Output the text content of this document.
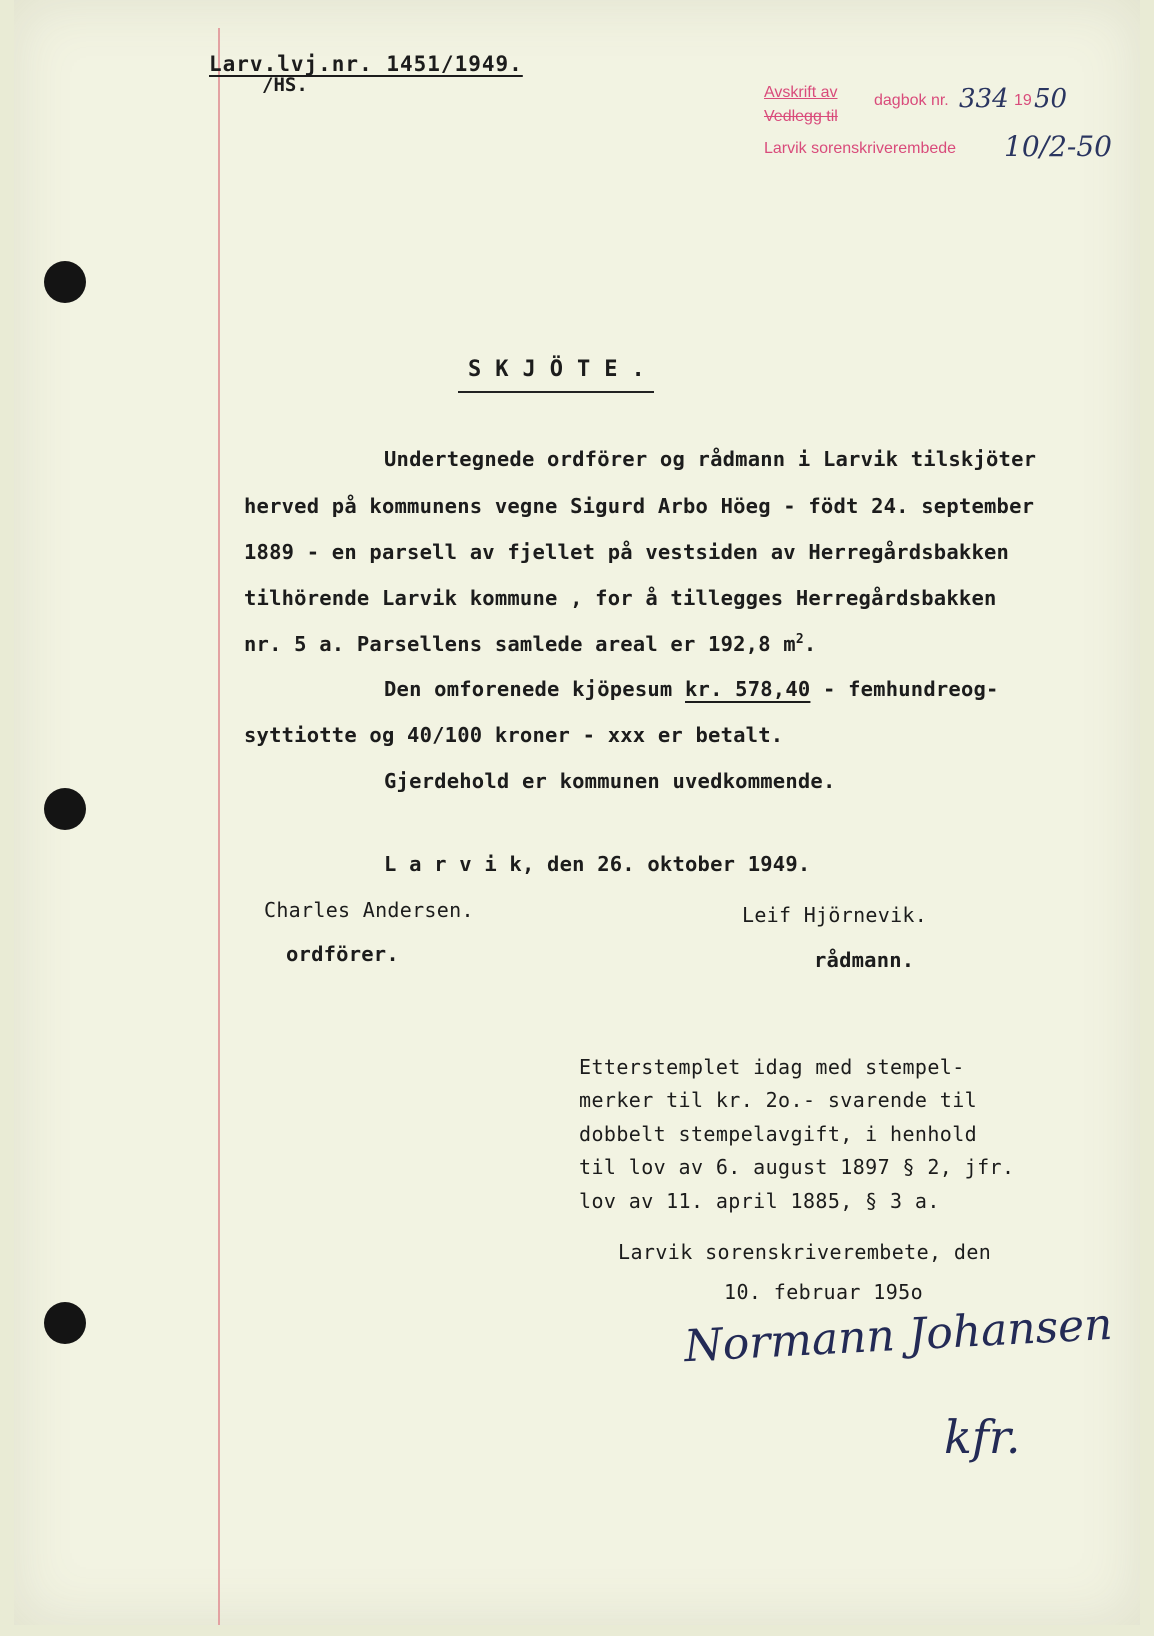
Larv.lvj.nr. 1451/1949.
/HS.	Avskrift av dagbok nr. 334 19 50
Vedlegg til
Larvik sorenskriverembede 10/2-50
SKJÖTE.
Undertegnede ordförer og rådmann i Larvik tilskjöter
herved på kommunens vegne Sigurd Arbo Höeg - födt 24. september
1889 - en parsell av fjellet på vestsiden av Herregårdsbakken
tilhörende Larvik kommune , for å tillegges Herregårdsbakken
nr. 5 a. Parsellens samlede areal er 192,8 $m^2$.
Den omforenede kjöpesum kr. 578,40 - femhundreog-
syttiotte og 40/100 kroner - xxx er betalt.
Gjerdehold er kommunen uvedkommende.
L a r v i k, den 26. oktober 1949.
Charles Andersen.
ordförer.
Leif Hjörnevik.
rådmann.
Etterstemplet idag med stempel-
merker til kr. 2o.- svarende til
dobbelt stempelavgift, i henhold
til lov av 6. august 1897 § 2, jfr.
lov av 11. april 1885, § 3 a.
Larvik sorenskriverembete, den
10. februar 195o
Normann Johansen
kfr.
